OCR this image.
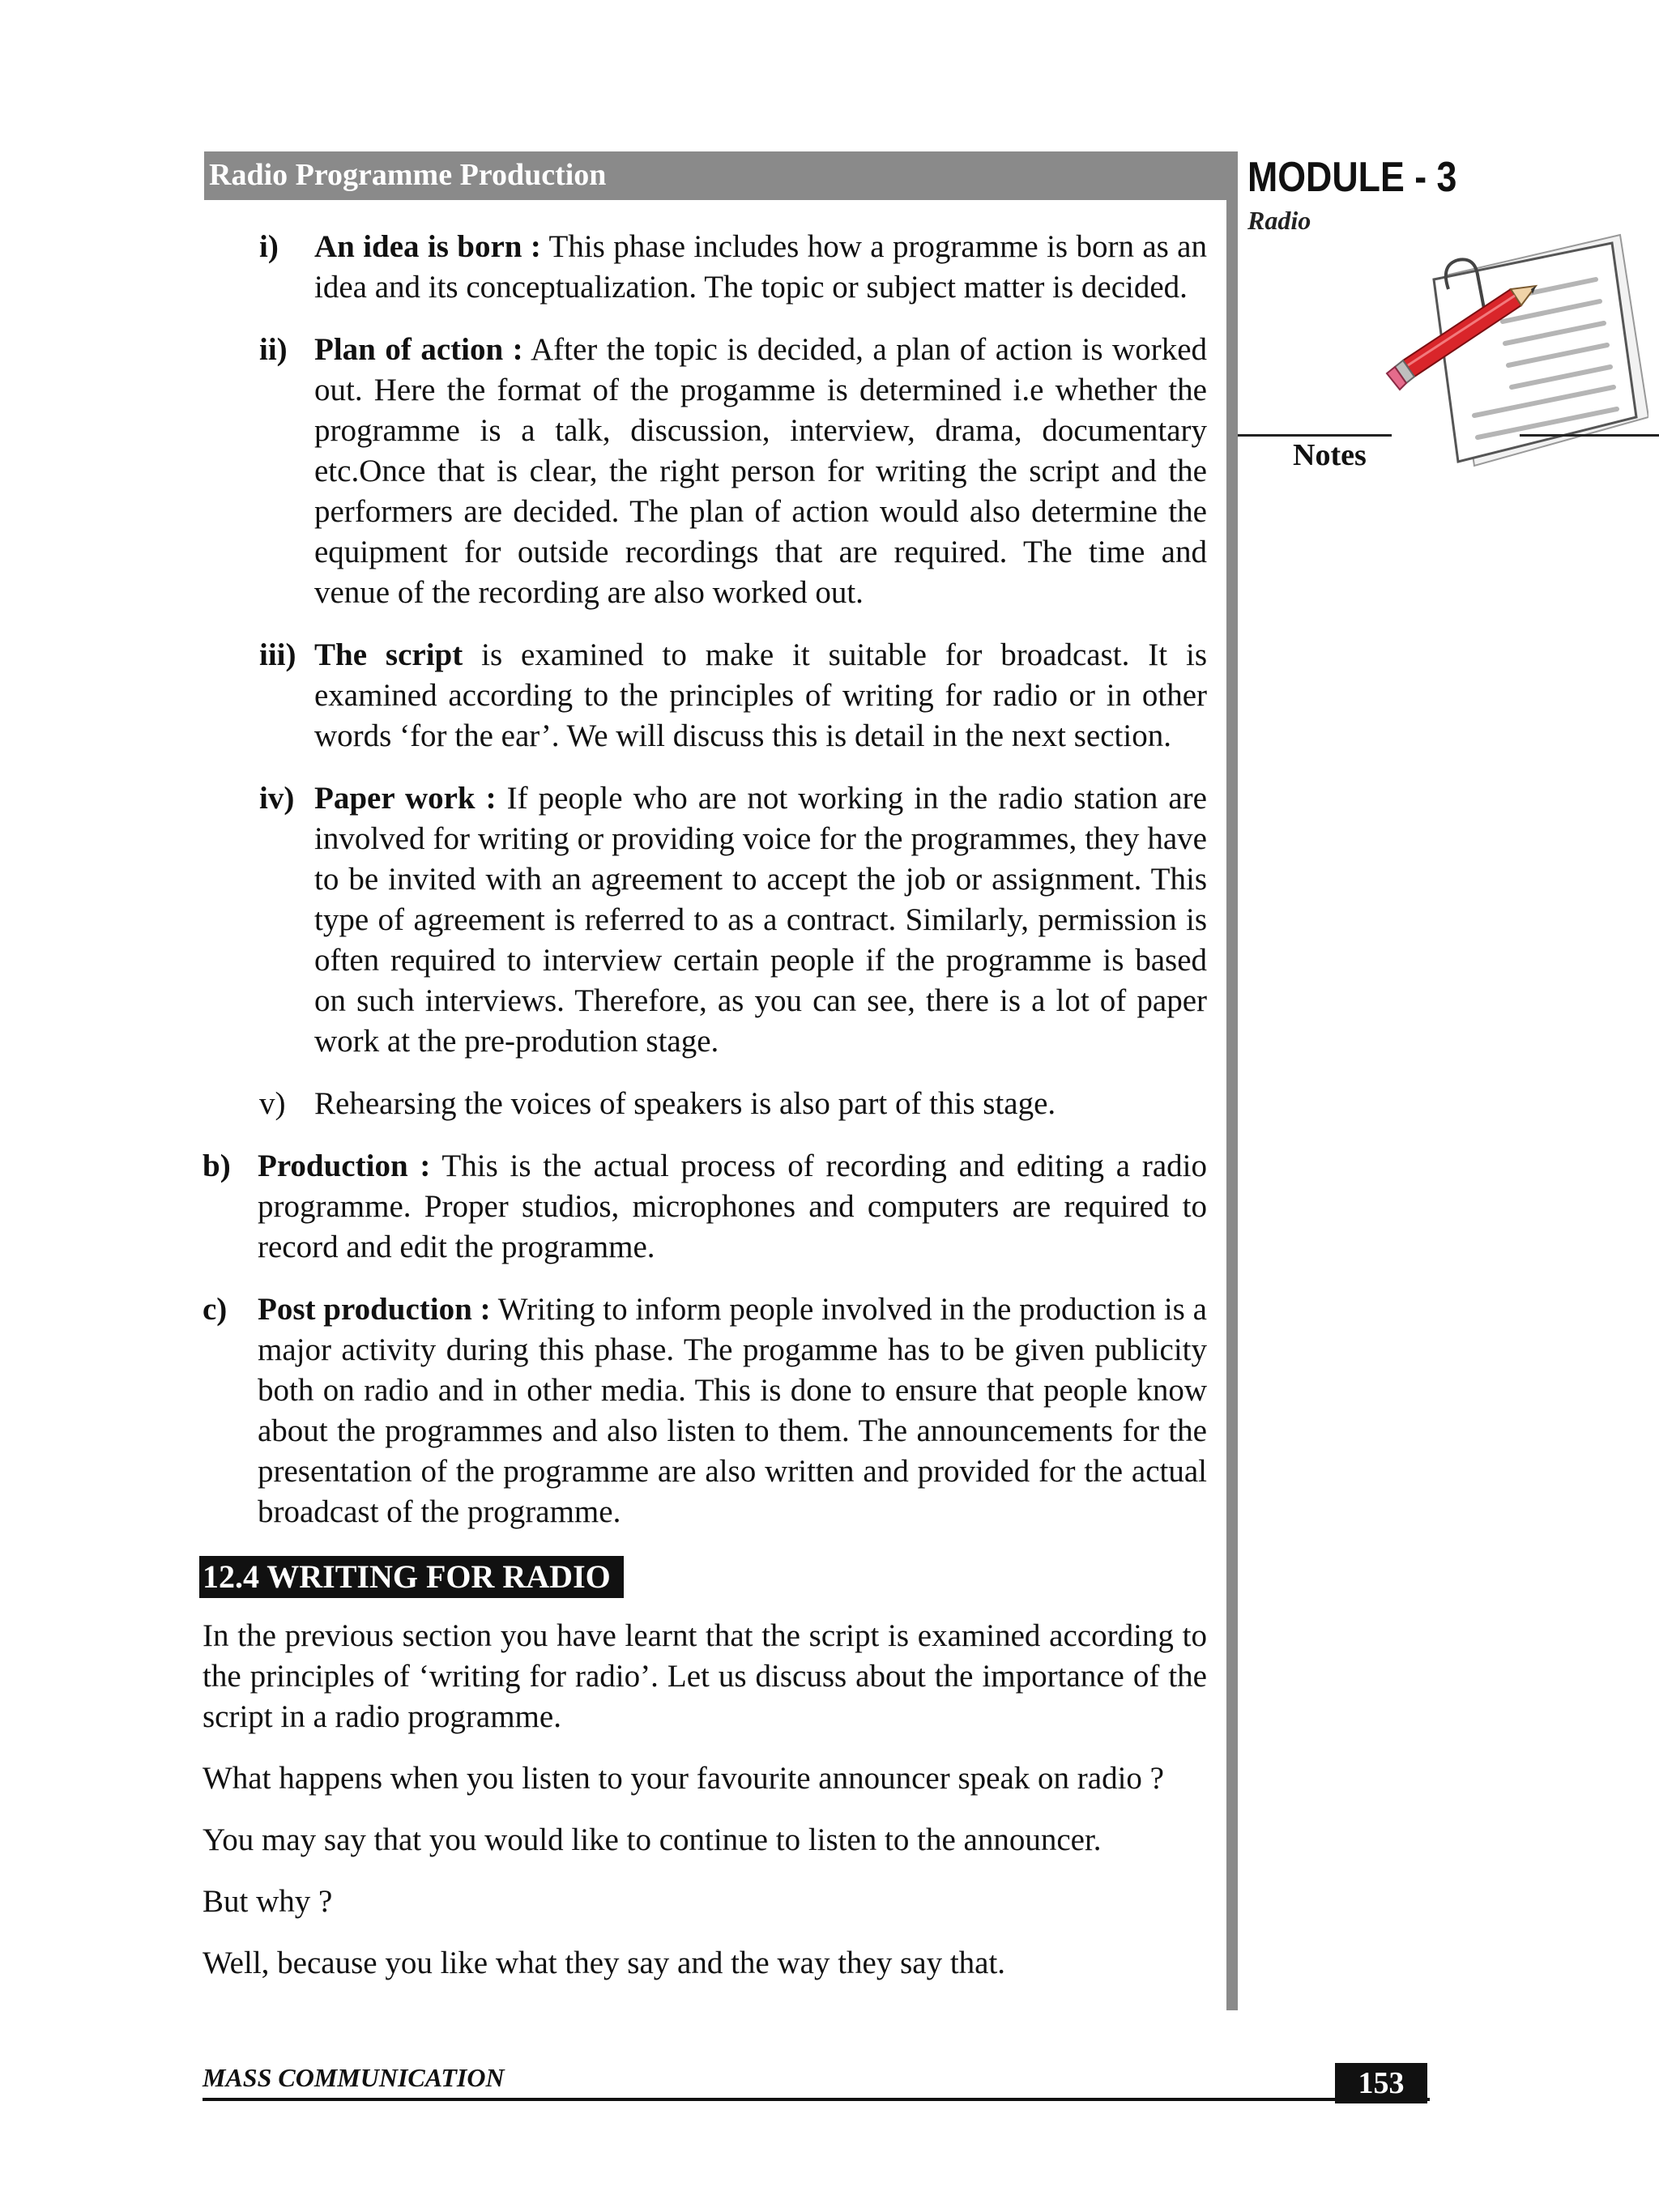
Radio Programme Production	MODULE - 3
Radio
Notes
i) An idea is born : This phase includes how a programme is born as an idea and its conceptualization. The topic or subject matter is decided.
ii) Plan of action : After the topic is decided, a plan of action is worked out. Here the format of the progamme is determined i.e whether the programme is a talk, discussion, interview, drama, documentary etc.Once that is clear, the right person for writing the script and the performers are decided. The plan of action would also determine the equipment for outside recordings that are required. The time and venue of the recording are also worked out.
iii) The script is examined to make it suitable for broadcast. It is examined according to the principles of writing for radio or in other words ‘for the ear’. We will discuss this is detail in the next section.
iv) Paper work : If people who are not working in the radio station are involved for writing or providing voice for the programmes, they have to be invited with an agreement to accept the job or assignment. This type of agreement is referred to as a contract. Similarly, permission is often required to interview certain people if the programme is based on such interviews. Therefore, as you can see, there is a lot of paper work at the pre-prodution stage.
v) Rehearsing the voices of speakers is also part of this stage.
b) Production : This is the actual process of recording and editing a radio programme. Proper studios, microphones and computers are required to record and edit the programme.
c) Post production : Writing to inform people involved in the production is a major activity during this phase. The progamme has to be given publicity both on radio and in other media. This is done to ensure that people know about the programmes and also listen to them. The announcements for the presentation of the programme are also written and provided for the actual broadcast of the programme.
12.4 WRITING FOR RADIO

In the previous section you have learnt that the script is examined according to the principles of ‘writing for radio’. Let us discuss about the importance of the script in a radio programme.

What happens when you listen to your favourite announcer speak on radio ?

You may say that you would like to continue to listen to the announcer.

But why ?

Well, because you like what they say and the way they say that.

MASS COMMUNICATION	153
